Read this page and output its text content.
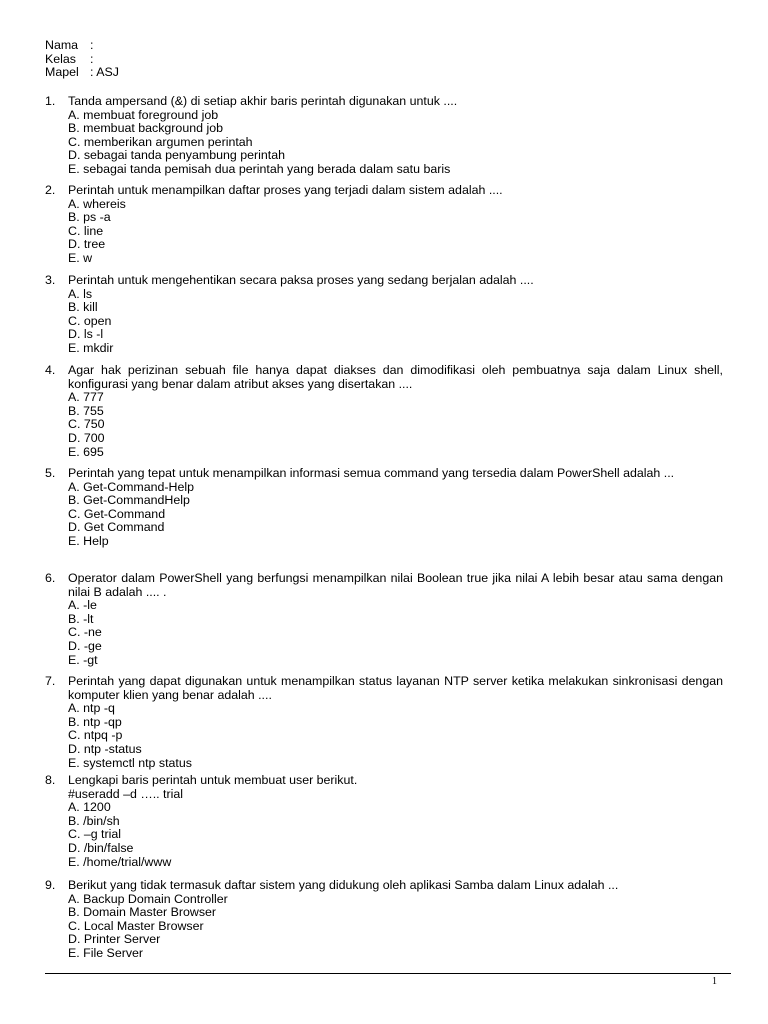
Nama :
Kelas	:
Mapel : ASJ
1.	Tanda ampersand (&) di setiap akhir baris perintah digunakan untuk ....
A. membuat foreground job
B. membuat background job
C. memberikan argumen perintah
D. sebagai tanda penyambung perintah
E. sebagai tanda pemisah dua perintah yang berada dalam satu baris
2.	Perintah untuk menampilkan daftar proses yang terjadi dalam sistem adalah ....
A. whereis
B. ps -a
C. line
D. tree
E. w
3.	Perintah untuk mengehentikan secara paksa proses yang sedang berjalan adalah ....
A. ls
B. kill
C. open
D. ls -l
E. mkdir
4.	Agar hak perizinan sebuah file hanya dapat diakses dan dimodifikasi oleh pembuatnya saja dalam Linux shell, konfigurasi yang benar dalam atribut akses yang disertakan ....
A. 777
B. 755
C. 750
D. 700
E. 695
5.	Perintah yang tepat untuk menampilkan informasi semua command yang tersedia dalam PowerShell adalah ...
A. Get-Command-Help
B. Get-CommandHelp
C. Get-Command
D. Get Command
E. Help
6.	Operator dalam PowerShell yang berfungsi menampilkan nilai Boolean true jika nilai A lebih besar atau sama dengan nilai B adalah .... .
A. -le
B. -lt
C. -ne
D. -ge
E. -gt
7.	Perintah yang dapat digunakan untuk menampilkan status layanan NTP server ketika melakukan sinkronisasi dengan komputer klien yang benar adalah ....
A. ntp -q
B. ntp -qp
C. ntpq -p
D. ntp -status
E. systemctl ntp status
8.	Lengkapi baris perintah untuk membuat user berikut.
#useradd –d ….. trial
A. 1200
B. /bin/sh
C. –g trial
D. /bin/false
E. /home/trial/www
9.	Berikut yang tidak termasuk daftar sistem yang didukung oleh aplikasi Samba dalam Linux adalah ...
A. Backup Domain Controller
B. Domain Master Browser
C. Local Master Browser
D. Printer Server
E. File Server
1
